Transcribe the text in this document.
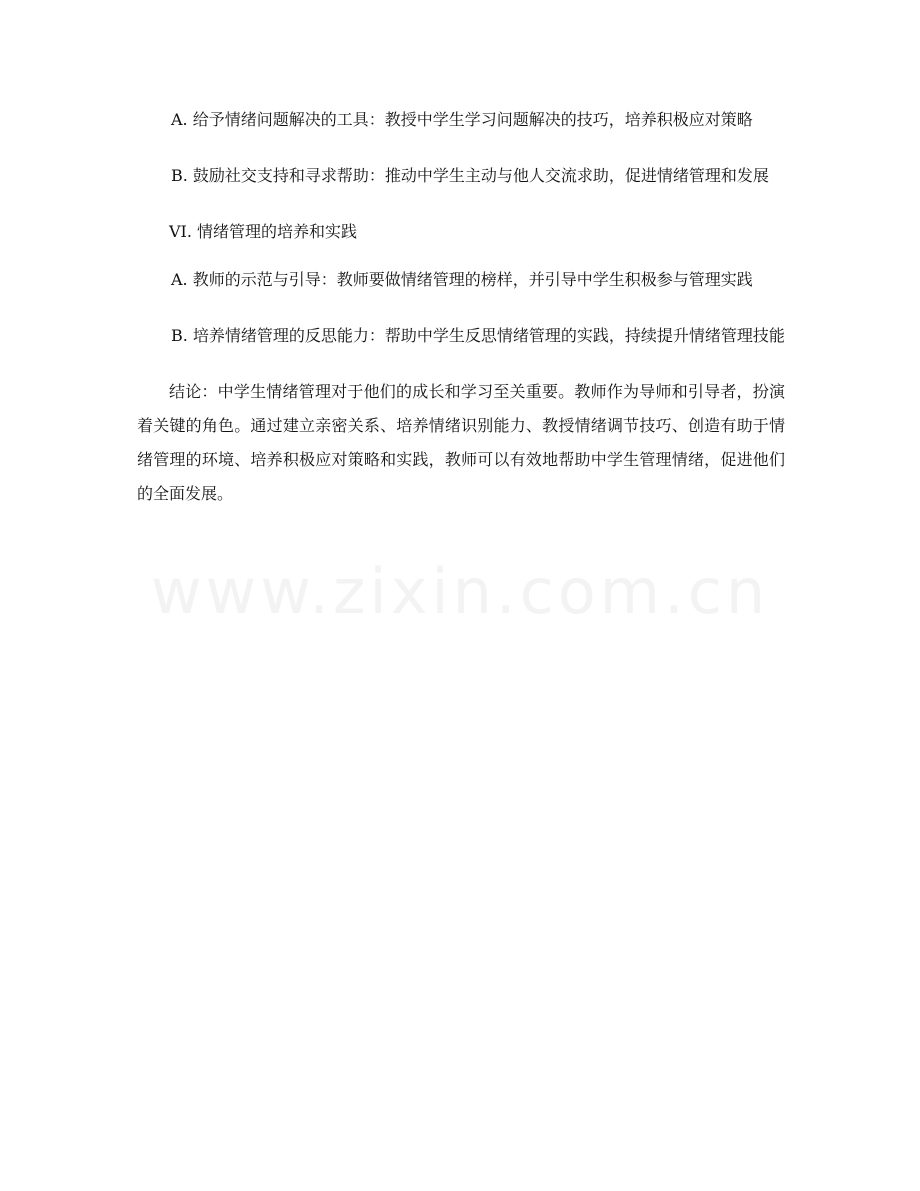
A. 给予情绪问题解决的工具：教授中学生学习问题解决的技巧，培养积极应对策略

B. 鼓励社交支持和寻求帮助：推动中学生主动与他人交流求助，促进情绪管理和发展

VI. 情绪管理的培养和实践

A. 教师的示范与引导：教师要做情绪管理的榜样，并引导中学生积极参与管理实践

B. 培养情绪管理的反思能力：帮助中学生反思情绪管理的实践，持续提升情绪管理技能

结论：中学生情绪管理对于他们的成长和学习至关重要。教师作为导师和引导者，扮演着关键的角色。通过建立亲密关系、培养情绪识别能力、教授情绪调节技巧、创造有助于情绪管理的环境、培养积极应对策略和实践，教师可以有效地帮助中学生管理情绪，促进他们的全面发展。

www.zixin.com.cn
